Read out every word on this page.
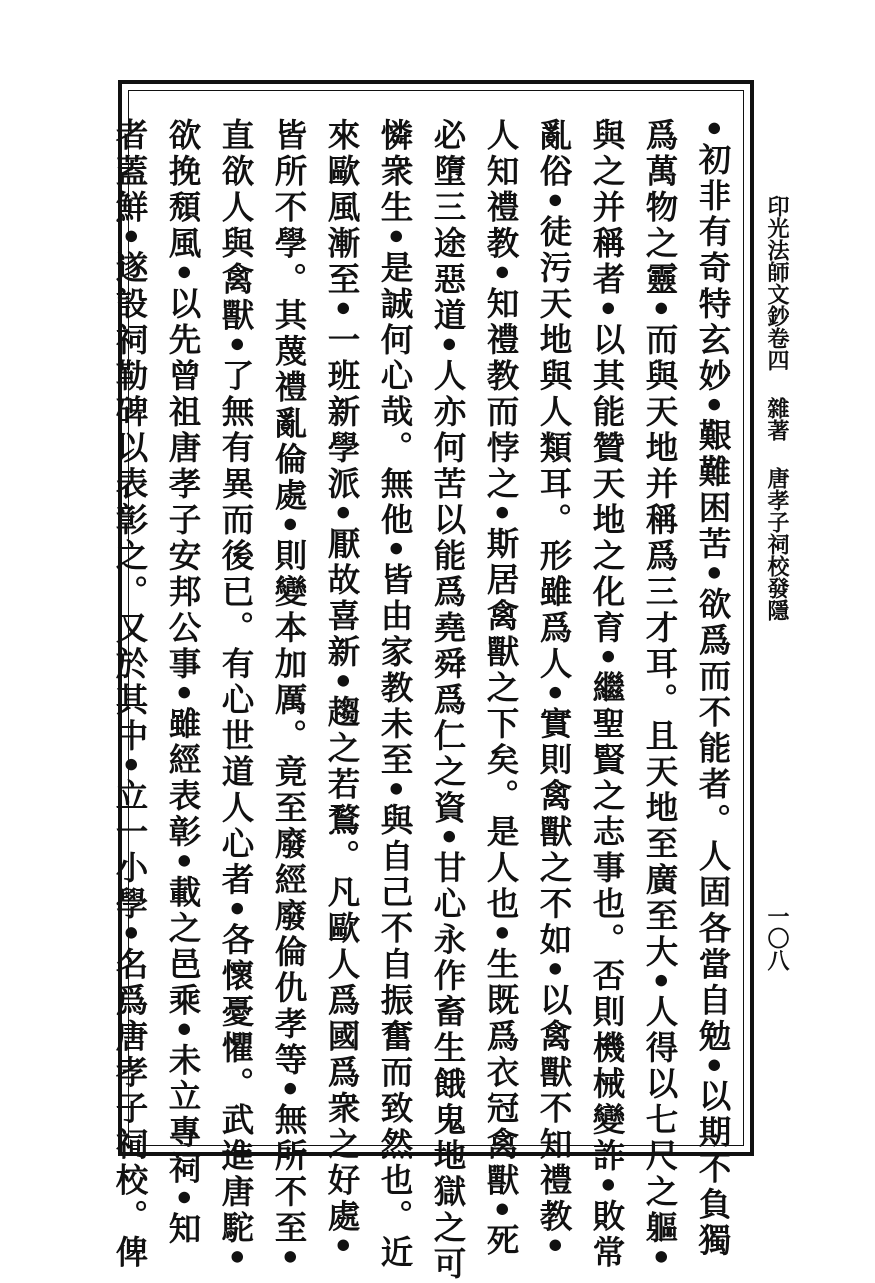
•初非有奇特玄妙•艱難困苦•欲爲而不能者。人固各當自勉•以期不負獨
爲萬物之靈•而與天地并稱爲三才耳。且天地至廣至大•人得以七尺之軀•
與之并稱者•以其能贊天地之化育•繼聖賢之志事也。否則機械變詐•敗常
亂俗•徒污天地與人類耳。形雖爲人•實則禽獸之不如•以禽獸不知禮教•
人知禮教•知禮教而悖之•斯居禽獸之下矣。是人也•生既爲衣冠禽獸•死
必墮三途惡道•人亦何苦以能爲堯舜爲仁之資•甘心永作畜生餓鬼地獄之可
憐衆生•是誠何心哉。無他•皆由家教未至•與自己不自振奮而致然也。近
來歐風漸至•一班新學派•厭故喜新•趨之若鶩。凡歐人爲國爲衆之好處•
皆所不學。其蔑禮亂倫處•則變本加厲。竟至廢經廢倫仇孝等•無所不至•
直欲人與禽獸•了無有異而後已。有心世道人心者•各懷憂懼。武進唐駝•
欲挽頹風•以先曾祖唐孝子安邦公事•雖經表彰•載之邑乘•未立專祠•知
者蓋鮮•遂設祠勒碑以表彰之。又於其中•立一小學•名爲唐孝子祠校。俾	印光法師文鈔卷四雜著唐孝子祠校發隱
一〇八
